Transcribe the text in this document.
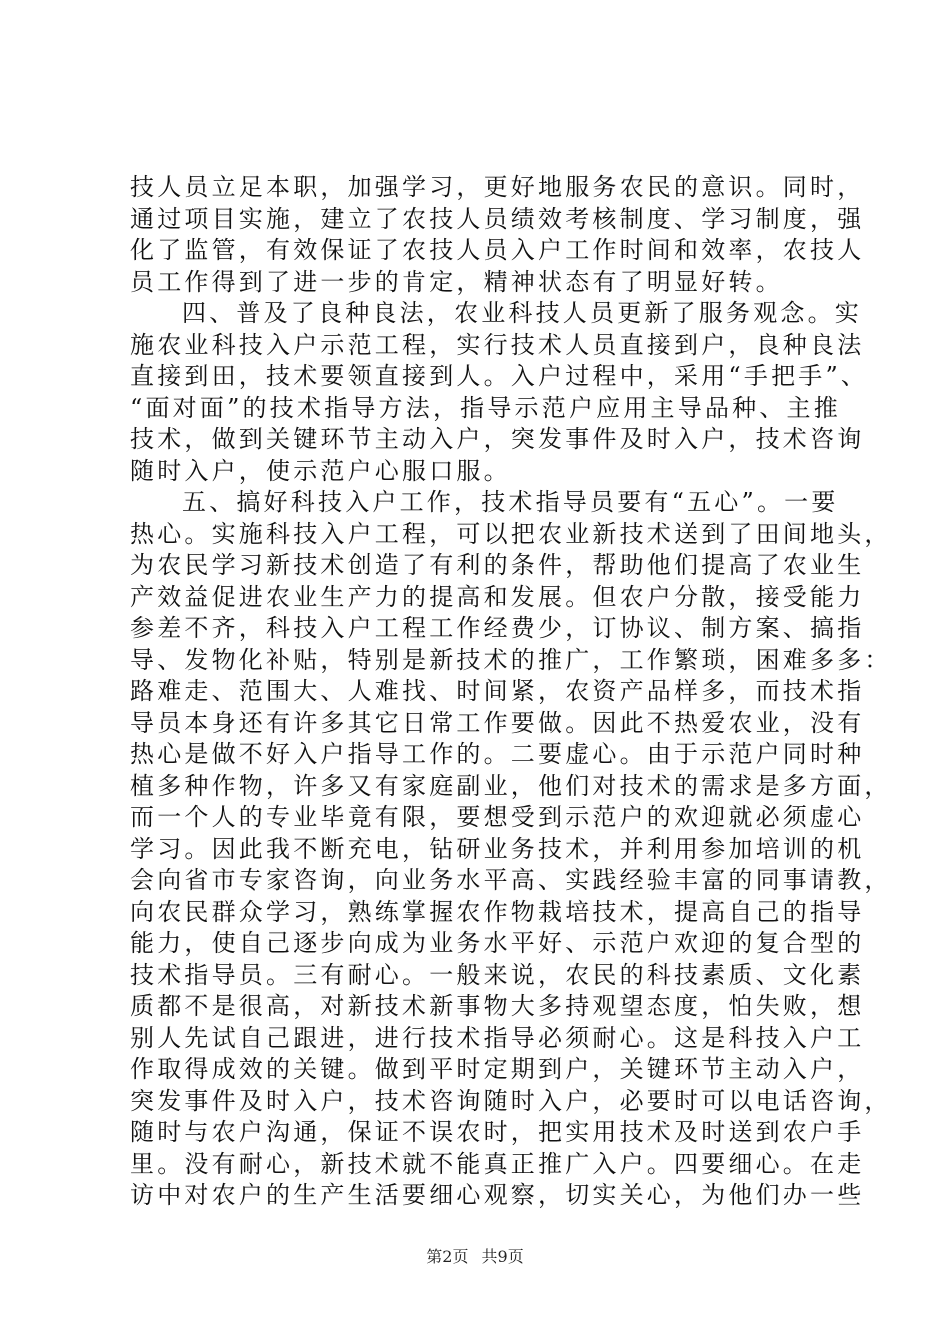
技人员立足本职，加强学习，更好地服务农民的意识。同时，
通过项目实施，建立了农技人员绩效考核制度、学习制度，强
化了监管，有效保证了农技人员入户工作时间和效率，农技人
员工作得到了进一步的肯定，精神状态有了明显好转。
四、普及了良种良法，农业科技人员更新了服务观念。实
施农业科技入户示范工程，实行技术人员直接到户，良种良法
直接到田，技术要领直接到人。入户过程中，采用“手把手”、
“面对面”的技术指导方法，指导示范户应用主导品种、主推
技术，做到关键环节主动入户，突发事件及时入户，技术咨询
随时入户，使示范户心服口服。
五、搞好科技入户工作，技术指导员要有“五心”。一要
热心。实施科技入户工程，可以把农业新技术送到了田间地头，
为农民学习新技术创造了有利的条件，帮助他们提高了农业生
产效益促进农业生产力的提高和发展。但农户分散，接受能力
参差不齐，科技入户工程工作经费少，订协议、制方案、搞指
导、发物化补贴，特别是新技术的推广，工作繁琐，困难多多：
路难走、范围大、人难找、时间紧，农资产品样多，而技术指
导员本身还有许多其它日常工作要做。因此不热爱农业，没有
热心是做不好入户指导工作的。二要虚心。由于示范户同时种
植多种作物，许多又有家庭副业，他们对技术的需求是多方面，
而一个人的专业毕竟有限，要想受到示范户的欢迎就必须虚心
学习。因此我不断充电，钻研业务技术，并利用参加培训的机
会向省市专家咨询，向业务水平高、实践经验丰富的同事请教，
向农民群众学习，熟练掌握农作物栽培技术，提高自己的指导
能力，使自己逐步向成为业务水平好、示范户欢迎的复合型的
技术指导员。三有耐心。一般来说，农民的科技素质、文化素
质都不是很高，对新技术新事物大多持观望态度，怕失败，想
别人先试自己跟进，进行技术指导必须耐心。这是科技入户工
作取得成效的关键。做到平时定期到户，关键环节主动入户，
突发事件及时入户，技术咨询随时入户，必要时可以电话咨询，
随时与农户沟通，保证不误农时，把实用技术及时送到农户手
里。没有耐心，新技术就不能真正推广入户。四要细心。在走
访中对农户的生产生活要细心观察，切实关心，为他们办一些
第2页 共9页
